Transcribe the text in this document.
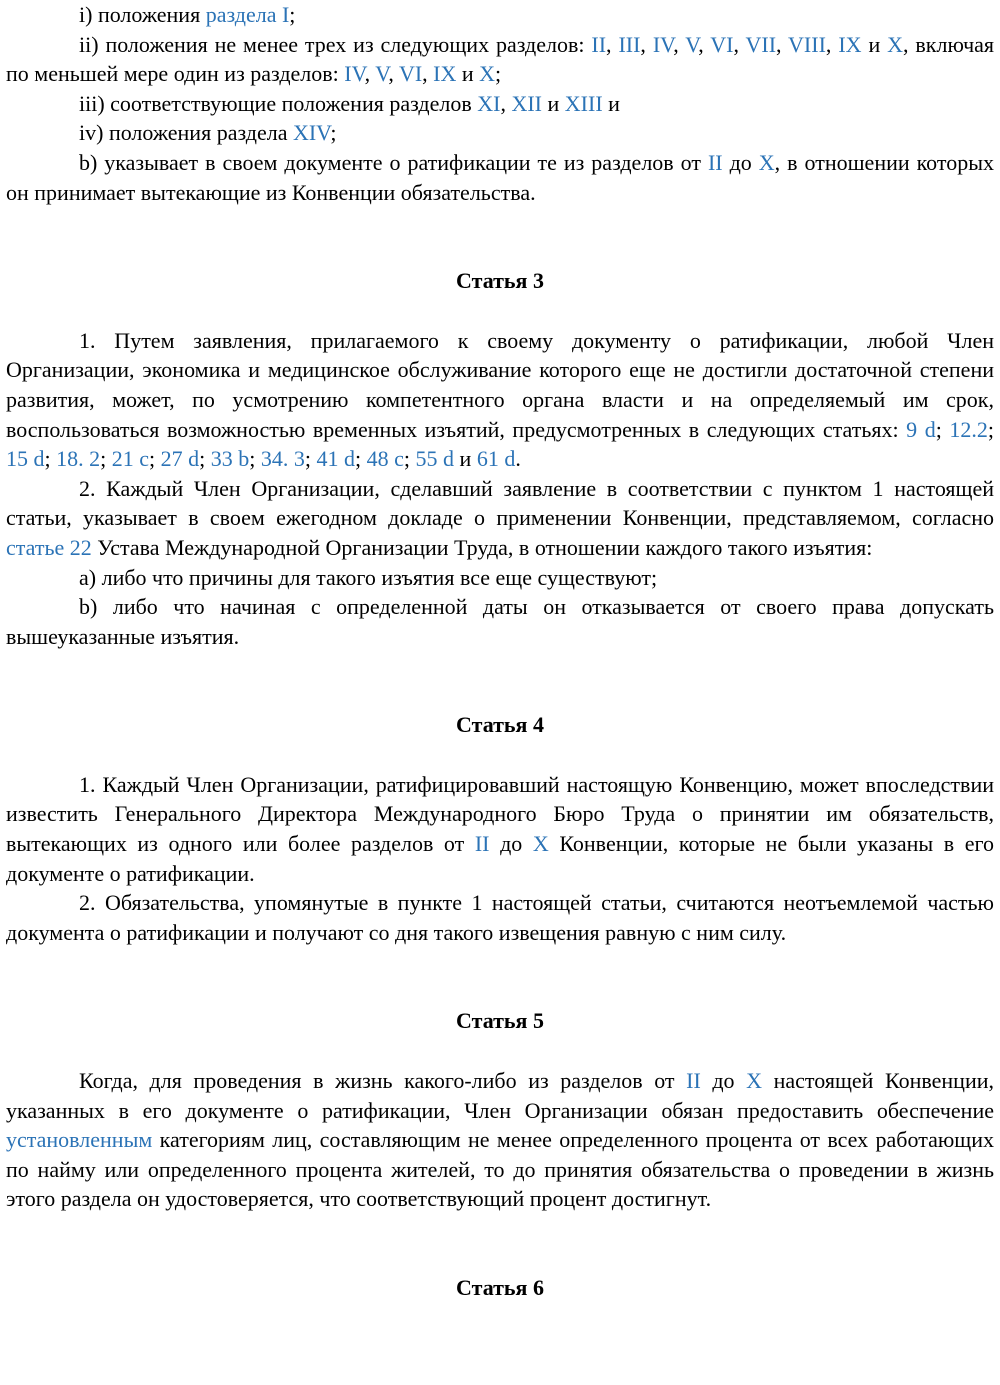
i) положения раздела I;

ii) положения не менее трех из следующих разделов: II, III, IV, V, VI, VII, VIII, IX и X, включая по меньшей мере один из разделов: IV, V, VI, IX и X;

iii) соответствующие положения разделов XI, XII и XIII и

iv) положения раздела XIV;

b) указывает в своем документе о ратификации те из разделов от II до X, в отношении которых он принимает вытекающие из Конвенции обязательства.

Статья 3

1. Путем заявления, прилагаемого к своему документу о ратификации, любой Член Организации, экономика и медицинское обслуживание которого еще не достигли достаточной степени развития, может, по усмотрению компетентного органа власти и на определяемый им срок, воспользоваться возможностью временных изъятий, предусмотренных в следующих статьях: 9 d; 12.2; 15 d; 18. 2; 21 c; 27 d; 33 b; 34. 3; 41 d; 48 c; 55 d и 61 d.

2. Каждый Член Организации, сделавший заявление в соответствии с пунктом 1 настоящей статьи, указывает в своем ежегодном докладе о применении Конвенции, представляемом, согласно статье 22 Устава Международной Организации Труда, в отношении каждого такого изъятия:

a) либо что причины для такого изъятия все еще существуют;

b) либо что начиная с определенной даты он отказывается от своего права допускать вышеуказанные изъятия.

Статья 4

1. Каждый Член Организации, ратифицировавший настоящую Конвенцию, может впоследствии известить Генерального Директора Международного Бюро Труда о принятии им обязательств, вытекающих из одного или более разделов от II до X Конвенции, которые не были указаны в его документе о ратификации.

2. Обязательства, упомянутые в пункте 1 настоящей статьи, считаются неотъемлемой частью документа о ратификации и получают со дня такого извещения равную с ним силу.

Статья 5

Когда, для проведения в жизнь какого-либо из разделов от II до X настоящей Конвенции, указанных в его документе о ратификации, Член Организации обязан предоставить обеспечение установленным категориям лиц, составляющим не менее определенного процента от всех работающих по найму или определенного процента жителей, то до принятия обязательства о проведении в жизнь этого раздела он удостоверяется, что соответствующий процент достигнут.

Статья 6
